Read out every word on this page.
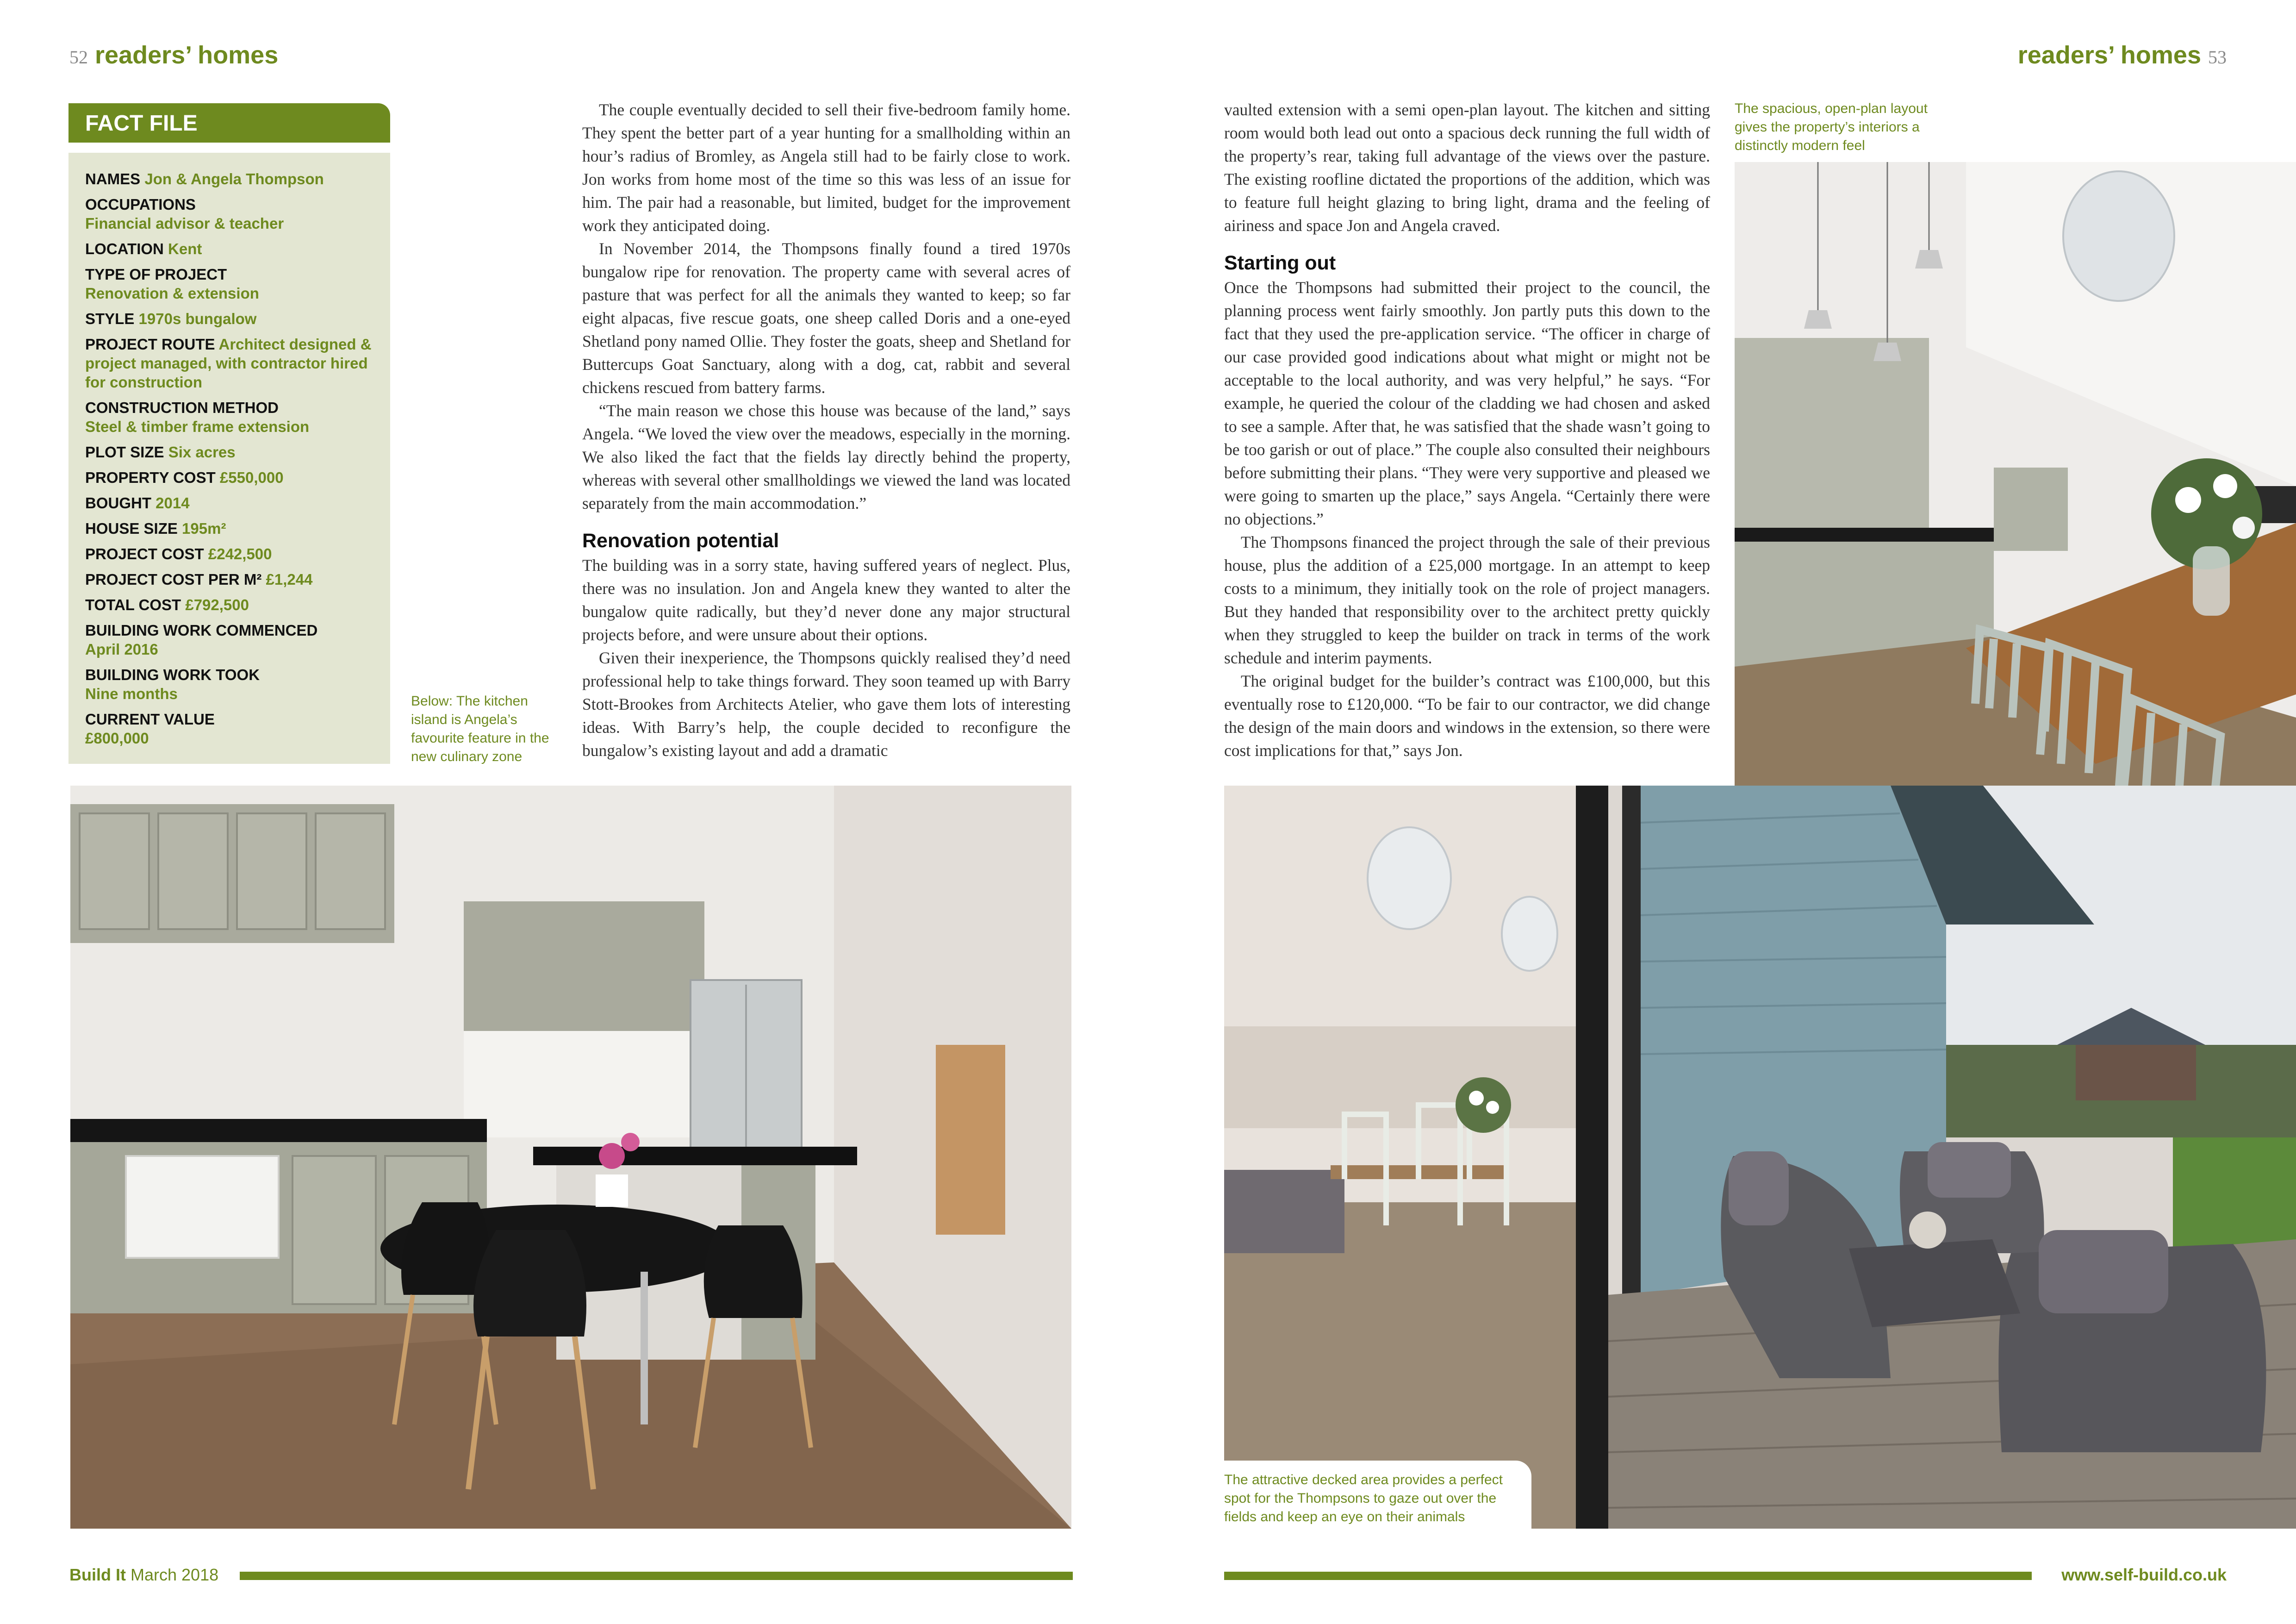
52 readers’ homes	readers’ homes 53
FACT FILE
NAMES Jon & Angela Thompson
OCCUPATIONS
Financial advisor & teacher
LOCATION Kent
TYPE OF PROJECT
Renovation & extension
STYLE 1970s bungalow
PROJECT ROUTE Architect designed & project managed, with contractor hired for construction
CONSTRUCTION METHOD
Steel & timber frame extension
PLOT SIZE Six acres
PROPERTY COST £550,000
BOUGHT 2014
HOUSE SIZE 195m²
PROJECT COST £242,500
PROJECT COST PER M² £1,244
TOTAL COST £792,500
BUILDING WORK COMMENCED
April 2016
BUILDING WORK TOOK
Nine months
CURRENT VALUE
£800,000

The couple eventually decided to sell their five-bedroom family home. They spent the better part of a year hunting for a smallholding within an hour’s radius of Bromley, as Angela still had to be fairly close to work. Jon works from home most of the time so this was less of an issue for him. The pair had a reasonable, but limited, budget for the improvement work they anticipated doing.

In November 2014, the Thompsons finally found a tired 1970s bungalow ripe for renovation. The property came with several acres of pasture that was perfect for all the animals they wanted to keep; so far eight alpacas, five rescue goats, one sheep called Doris and a one-eyed Shetland pony named Ollie. They foster the goats, sheep and Shetland for Buttercups Goat Sanctuary, along with a dog, cat, rabbit and several chickens rescued from battery farms.

“The main reason we chose this house was because of the land,” says Angela. “We loved the view over the meadows, especially in the morning. We also liked the fact that the fields lay directly behind the property, whereas with several other smallholdings we viewed the land was located separately from the main accommodation.”

Renovation potential

The building was in a sorry state, having suffered years of neglect. Plus, there was no insulation. Jon and Angela knew they wanted to alter the bungalow quite radically, but they’d never done any major structural projects before, and were unsure about their options.

Given their inexperience, the Thompsons quickly realised they’d need professional help to take things forward. They soon teamed up with Barry Stott-Brookes from Architects Atelier, who gave them lots of interesting ideas. With Barry’s help, the couple decided to reconfigure the bungalow’s existing layout and add a dramatic

vaulted extension with a semi open-plan layout. The kitchen and sitting room would both lead out onto a spacious deck running the full width of the property’s rear, taking full advantage of the views over the pasture. The existing roofline dictated the proportions of the addition, which was to feature full height glazing to bring light, drama and the feeling of airiness and space Jon and Angela craved.

Starting out

Once the Thompsons had submitted their project to the council, the planning process went fairly smoothly. Jon partly puts this down to the fact that they used the pre-application service. “The officer in charge of our case provided good indications about what might or might not be acceptable to the local authority, and was very helpful,” he says. “For example, he queried the colour of the cladding we had chosen and asked to see a sample. After that, he was satisfied that the shade wasn’t going to be too garish or out of place.” The couple also consulted their neighbours before submitting their plans. “They were very supportive and pleased we were going to smarten up the place,” says Angela. “Certainly there were no objections.”

The Thompsons financed the project through the sale of their previous house, plus the addition of a £25,000 mortgage. In an attempt to keep costs to a minimum, they initially took on the role of project managers. But they handed that responsibility over to the architect pretty quickly when they struggled to keep the builder on track in terms of the work schedule and interim payments.

The original budget for the builder’s contract was £100,000, but this eventually rose to £120,000. “To be fair to our contractor, we did change the design of the main doors and windows in the extension, so there were cost implications for that,” says Jon.

Below: The kitchen island is Angela’s favourite feature in the new culinary zone
The spacious, open-plan layout gives the property’s interiors a distinctly modern feel
The attractive decked area provides a perfect spot for the Thompsons to gaze out over the fields and keep an eye on their animals
Build It March 2018	www.self-build.co.uk
